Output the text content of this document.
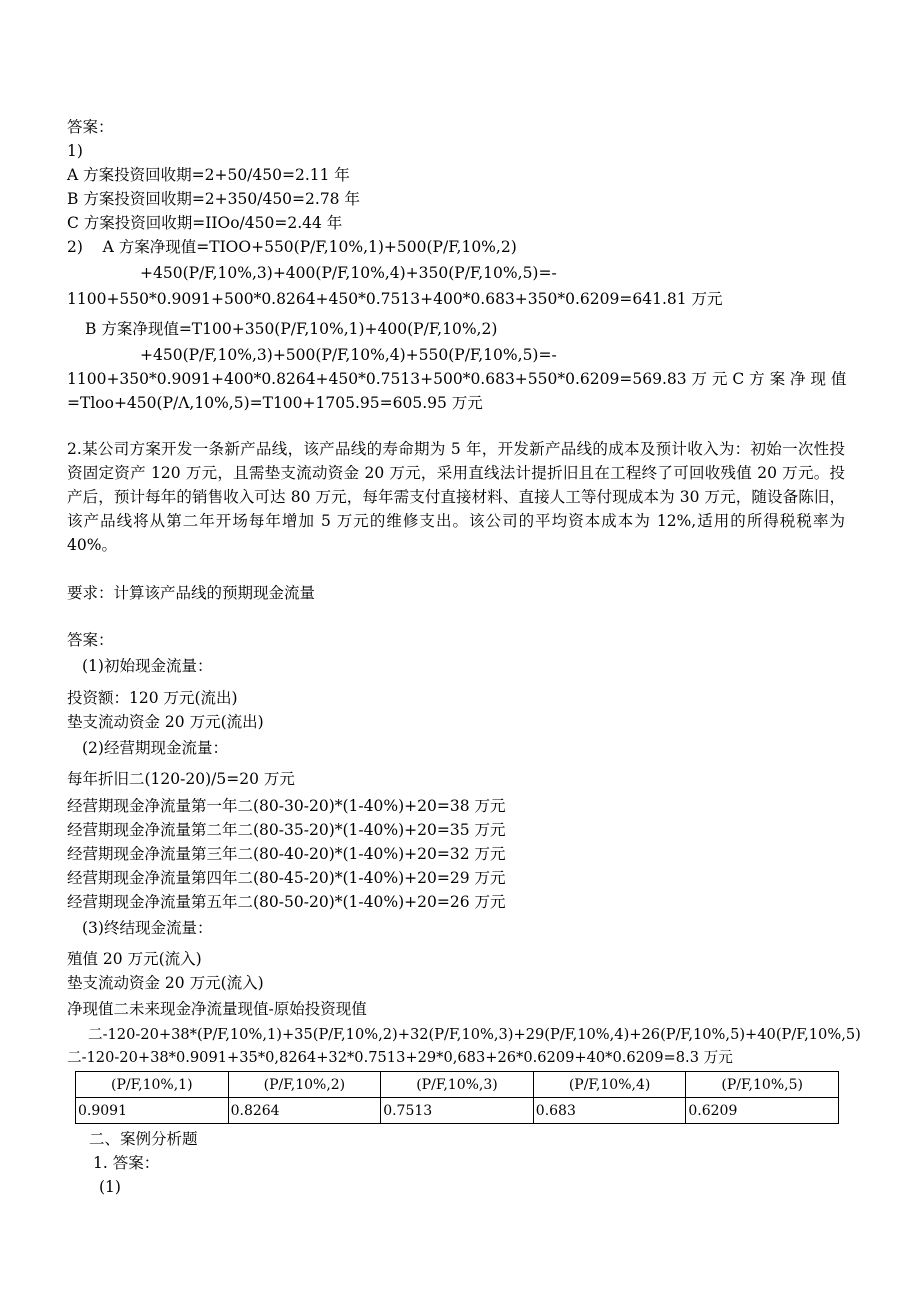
答案：
1)
A 方案投资回收期=2+50/450=2.11 年
B 方案投资回收期=2+350/450=2.78 年
C 方案投资回收期=IIOo/450=2.44 年
2)    A 方案净现值=TIOO+550(P/F,10%,1)+500(P/F,10%,2)
+450(P/F,10%,3)+400(P/F,10%,4)+350(P/F,10%,5)=-
1100+550*0.9091+500*0.8264+450*0.7513+400*0.683+350*0.6209=641.81 万元
B 方案净现值=T100+350(P/F,10%,1)+400(P/F,10%,2)
+450(P/F,10%,3)+500(P/F,10%,4)+550(P/F,10%,5)=-
1100+350*0.9091+400*0.8264+450*0.7513+500*0.683+550*0.6209=569.83 万 元 C 方 案 净 现 值
=Tloo+450(P/Λ,10%,5)=T100+1705.95=605.95 万元
2.某公司方案开发一条新产品线，该产品线的寿命期为 5 年，开发新产品线的成本及预计收入为：初始一次性投资固定资产 120 万元，且需垫支流动资金 20 万元，采用直线法计提折旧且在工程终了可回收残值 20 万元。投产后，预计每年的销售收入可达 80 万元，每年需支付直接材料、直接人工等付现成本为 30 万元，随设备陈旧，该产品线将从第二年开场每年增加 5 万元的维修支出。该公司的平均资本成本为 12%,适用的所得税税率为 40%。
要求：计算该产品线的预期现金流量
答案：
(1)初始现金流量：
投资额：120 万元(流出)
垫支流动资金 20 万元(流出)
(2)经营期现金流量：
每年折旧二(120-20)/5=20 万元
经营期现金净流量第一年二(80-30-20)*(1-40%)+20=38 万元
经营期现金净流量第二年二(80-35-20)*(1-40%)+20=35 万元
经营期现金净流量第三年二(80-40-20)*(1-40%)+20=32 万元
经营期现金净流量第四年二(80-45-20)*(1-40%)+20=29 万元
经营期现金净流量第五年二(80-50-20)*(1-40%)+20=26 万元
(3)终结现金流量：
殖值 20 万元(流入)
垫支流动资金 20 万元(流入)
净现值二未来现金净流量现值-原始投资现值
二-120-20+38*(P/F,10%,1)+35(P/F,10%,2)+32(P/F,10%,3)+29(P/F,10%,4)+26(P/F,10%,5)+40(P/F,10%,5)
二-120-20+38*0.9091+35*0,8264+32*0.7513+29*0,683+26*0.6209+40*0.6209=8.3 万元
(P/F,10%,1)	(P/F,10%,2)	(P/F,10%,3)	(P/F,10%,4)	(P/F,10%,5)
0.9091	0.8264	0.7513	0.683	0.6209
二、案例分析题
1. 答案：
(1)
